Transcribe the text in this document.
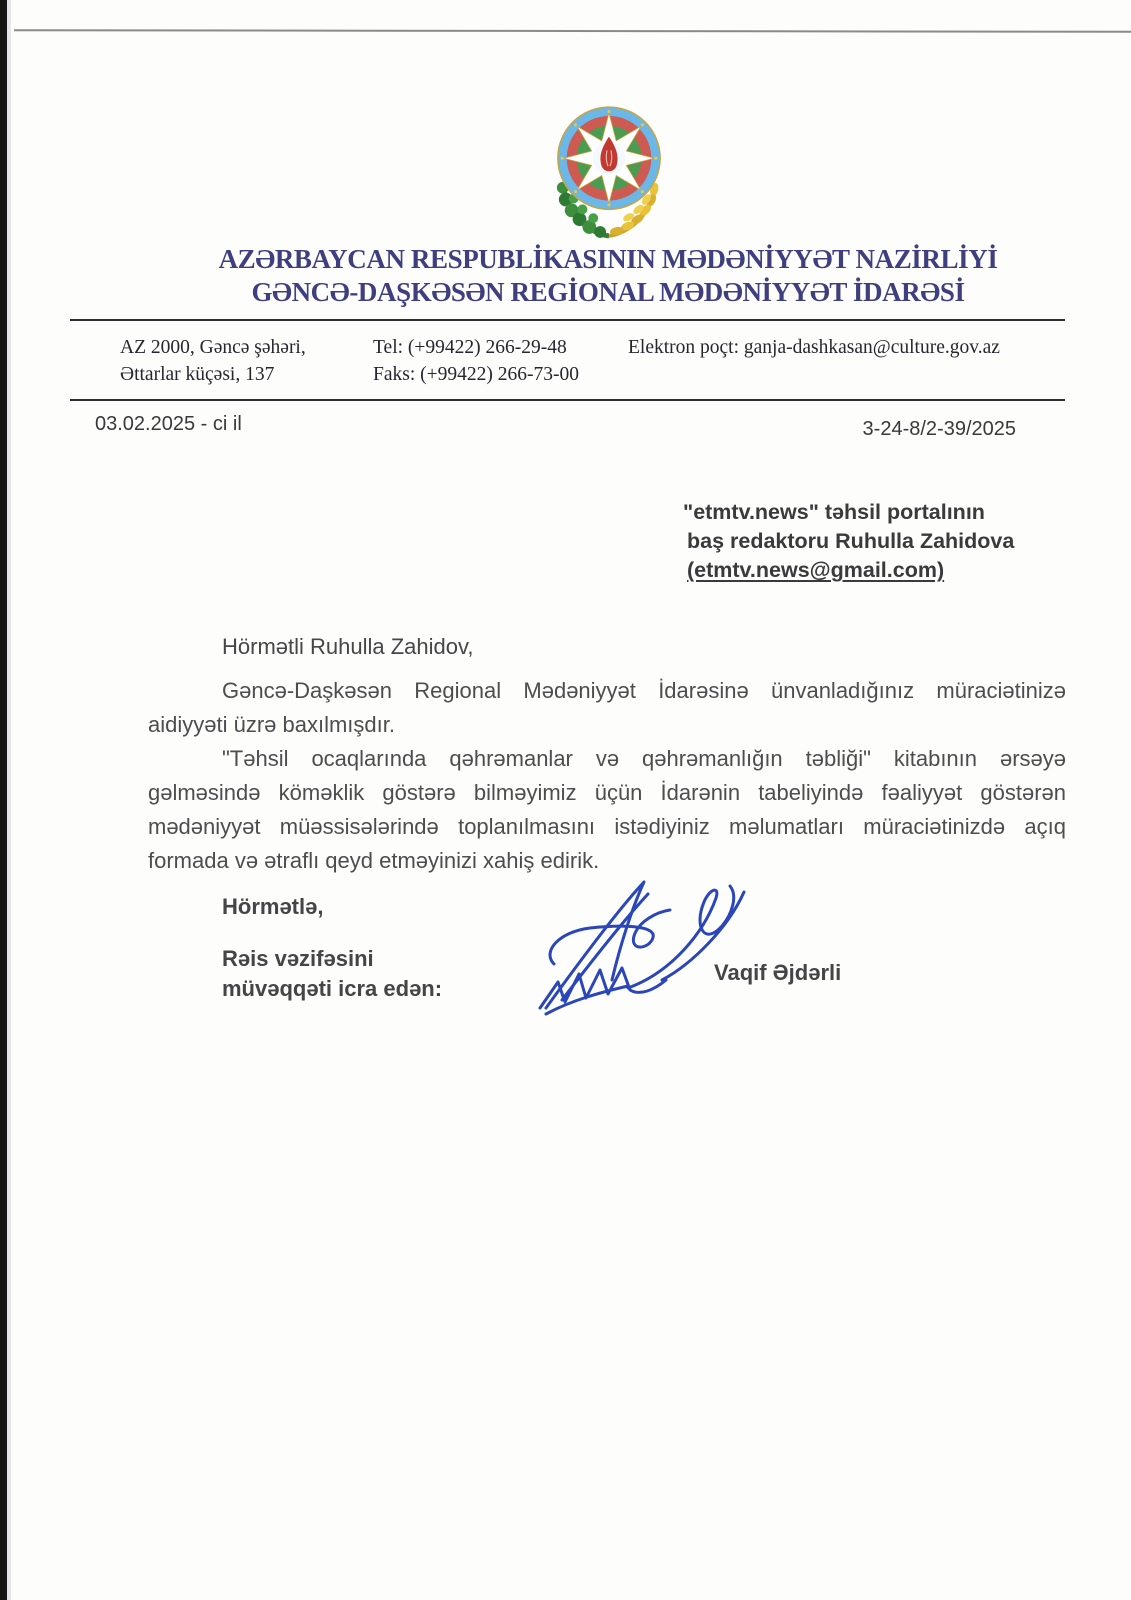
AZƏRBAYCAN RESPUBLİKASININ MƏDƏNİYYƏT NAZİRLİYİ
GƏNCƏ-DAŞKƏSƏN REGİONAL MƏDƏNİYYƏT İDARƏSİ
AZ 2000, Gəncə şəhəri,
Əttarlar küçəsi, 137
Tel: (+99422) 266-29-48
Faks: (+99422) 266-73-00
Elektron poçt: ganja-dashkasan@culture.gov.az
03.02.2025 - ci il	3-24-8/2-39/2025
"etmtv.news" təhsil portalının
baş redaktoru Ruhulla Zahidova
(etmtv.news@gmail.com)
Hörmətli Ruhulla Zahidov,

Gəncə-Daşkəsən Regional Mədəniyyət İdarəsinə ünvanladığınız müraciətinizə aidiyyəti üzrə baxılmışdır.

"Təhsil ocaqlarında qəhrəmanlar və qəhrəmanlığın təbliği" kitabının ərsəyə gəlməsində köməklik göstərə bilməyimiz üçün İdarənin tabeliyində fəaliyyət göstərən mədəniyyət müəssisələrində toplanılmasını istədiyiniz məlumatları müraciətinizdə açıq formada və ətraflı qeyd etməyinizi xahiş edirik.

Hörmətlə,
Rəis vəzifəsini
müvəqqəti icra edən:
Vaqif Əjdərli
